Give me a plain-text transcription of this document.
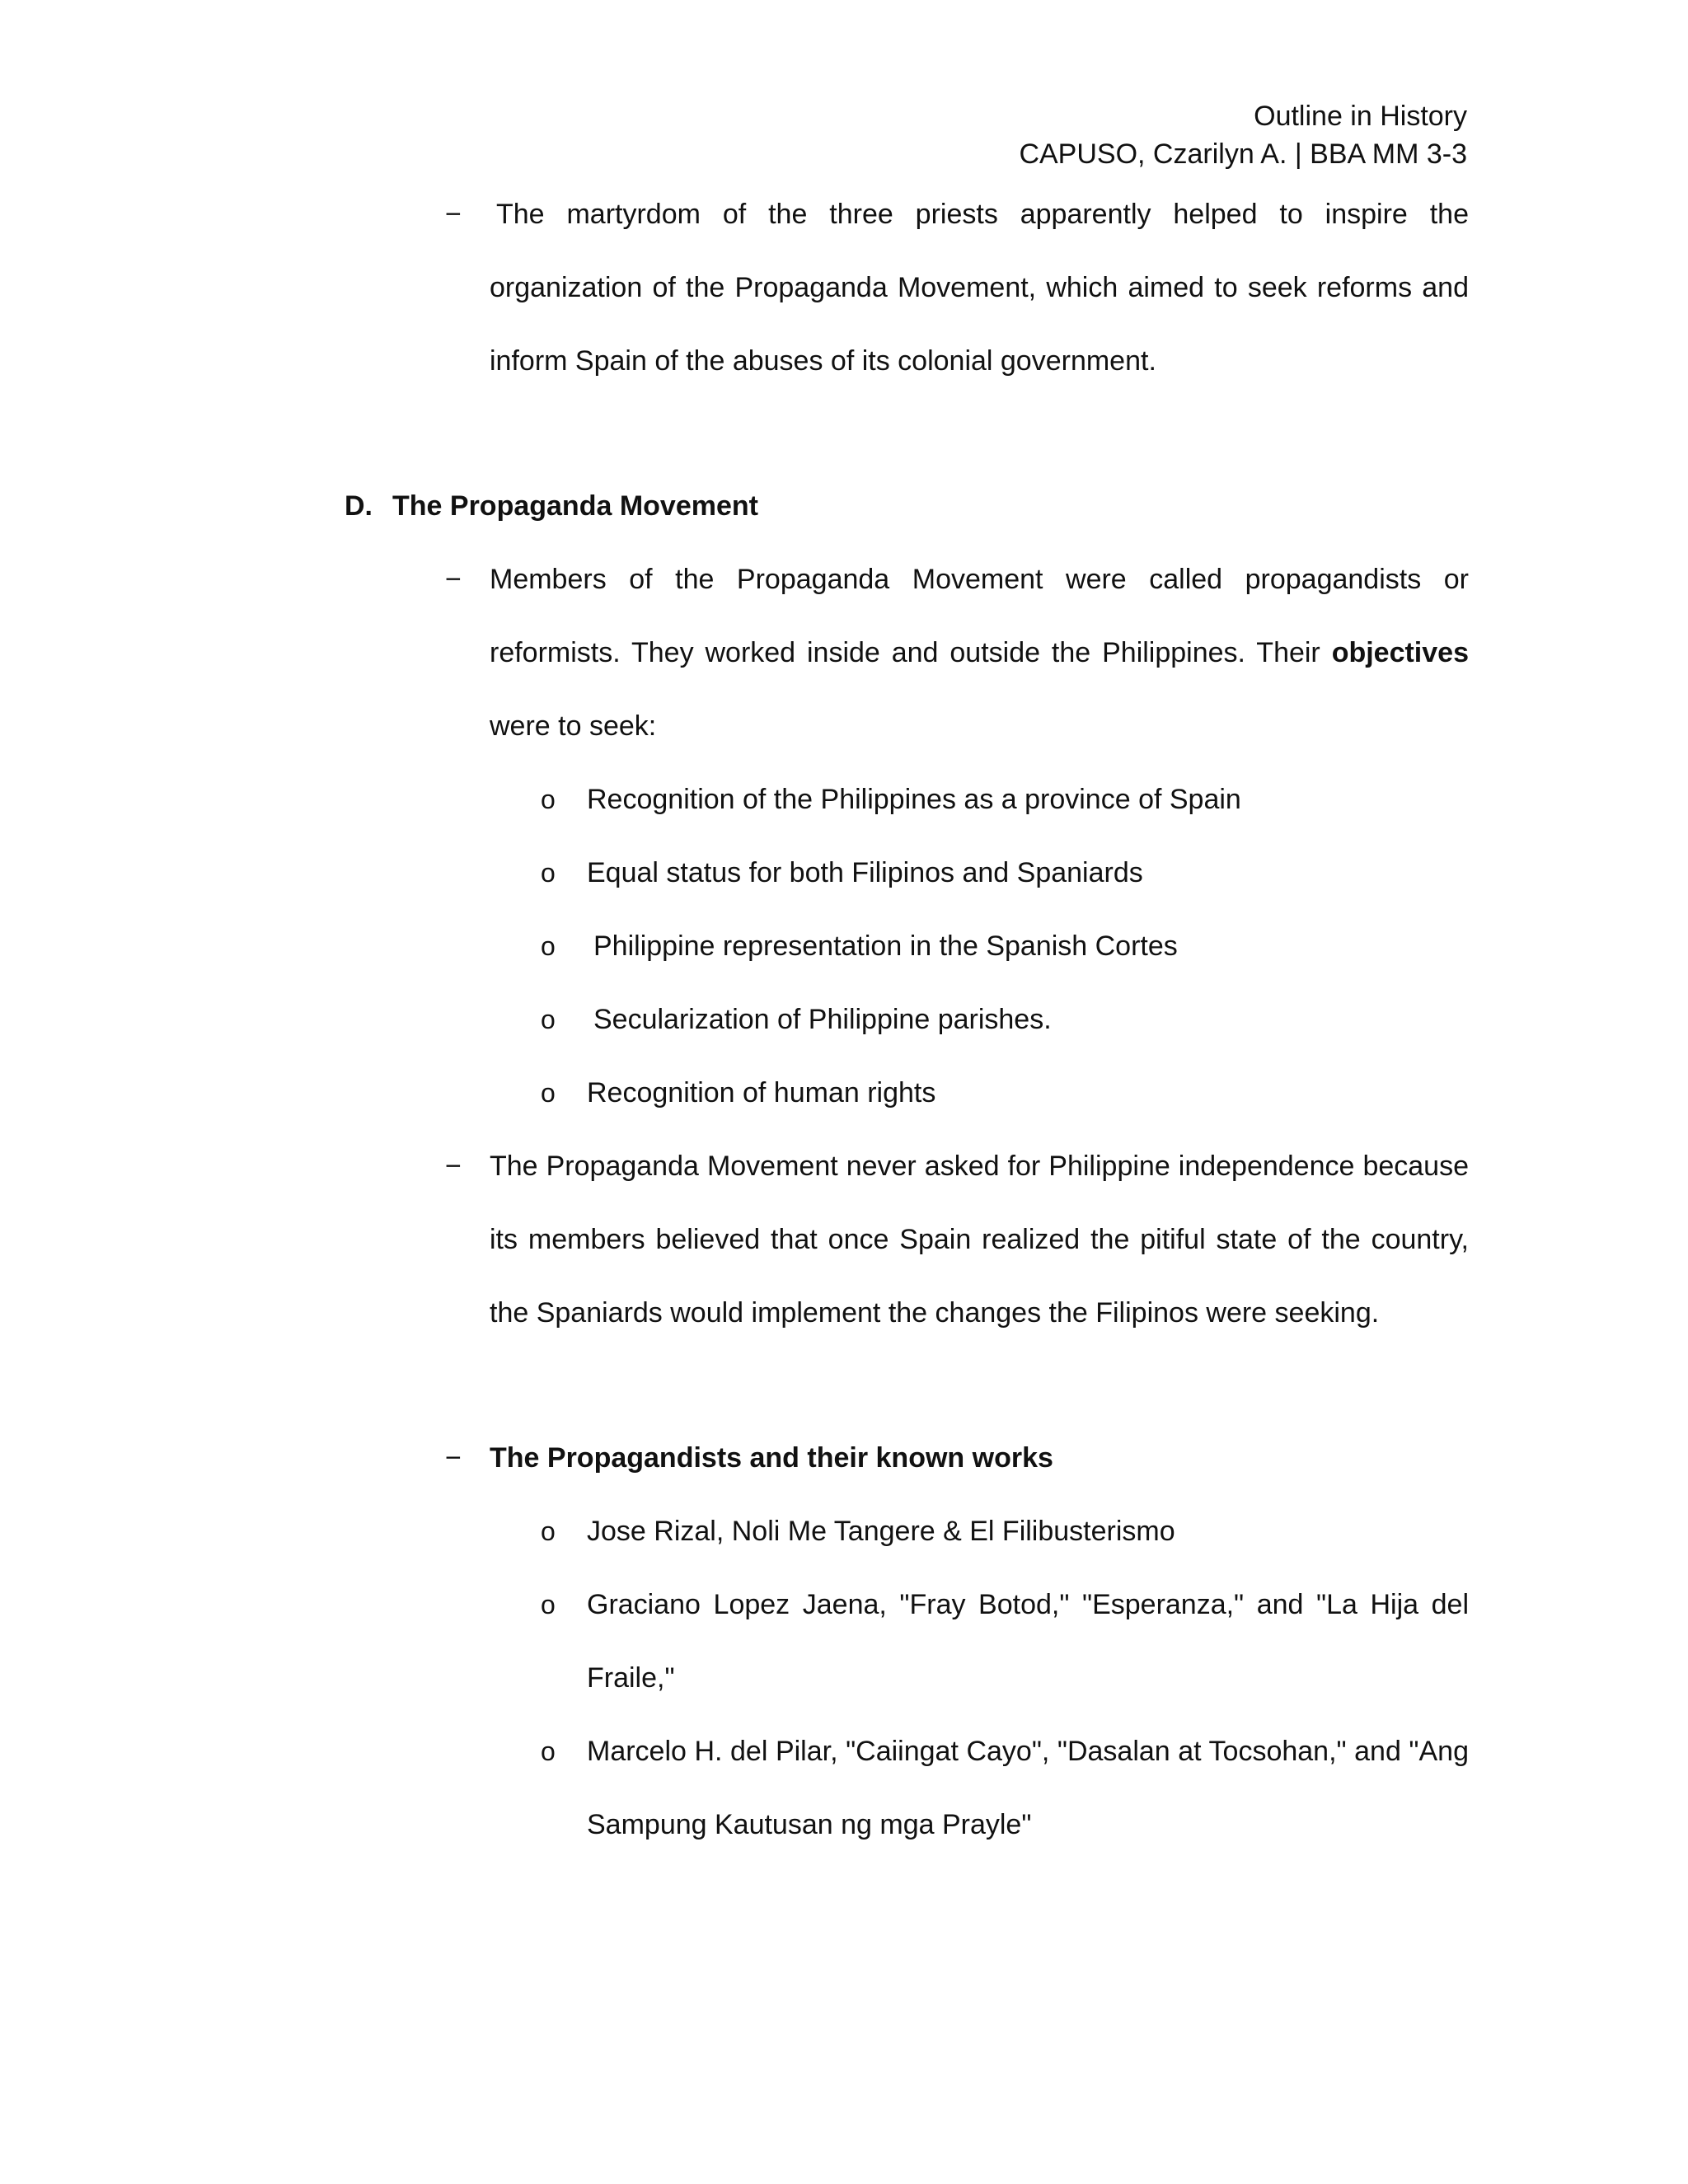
Outline in History
CAPUSO, Czarilyn A. | BBA MM 3-3
− The martyrdom of the three priests apparently helped to inspire the
organization of the Propaganda Movement, which aimed to seek reforms and
inform Spain of the abuses of its colonial government.
D. The Propaganda Movement
− Members of the Propaganda Movement were called propagandists or
reformists. They worked inside and outside the Philippines. Their objectives
were to seek:
o Recognition of the Philippines as a province of Spain
o Equal status for both Filipinos and Spaniards
o Philippine representation in the Spanish Cortes
o Secularization of Philippine parishes.
o Recognition of human rights
− The Propaganda Movement never asked for Philippine independence because
its members believed that once Spain realized the pitiful state of the country,
the Spaniards would implement the changes the Filipinos were seeking.
− The Propagandists and their known works
o Jose Rizal, Noli Me Tangere & El Filibusterismo
o Graciano Lopez Jaena, "Fray Botod," "Esperanza," and "La Hija del
Fraile,"
o Marcelo H. del Pilar, "Caiingat Cayo", "Dasalan at Tocsohan," and "Ang
Sampung Kautusan ng mga Prayle"
